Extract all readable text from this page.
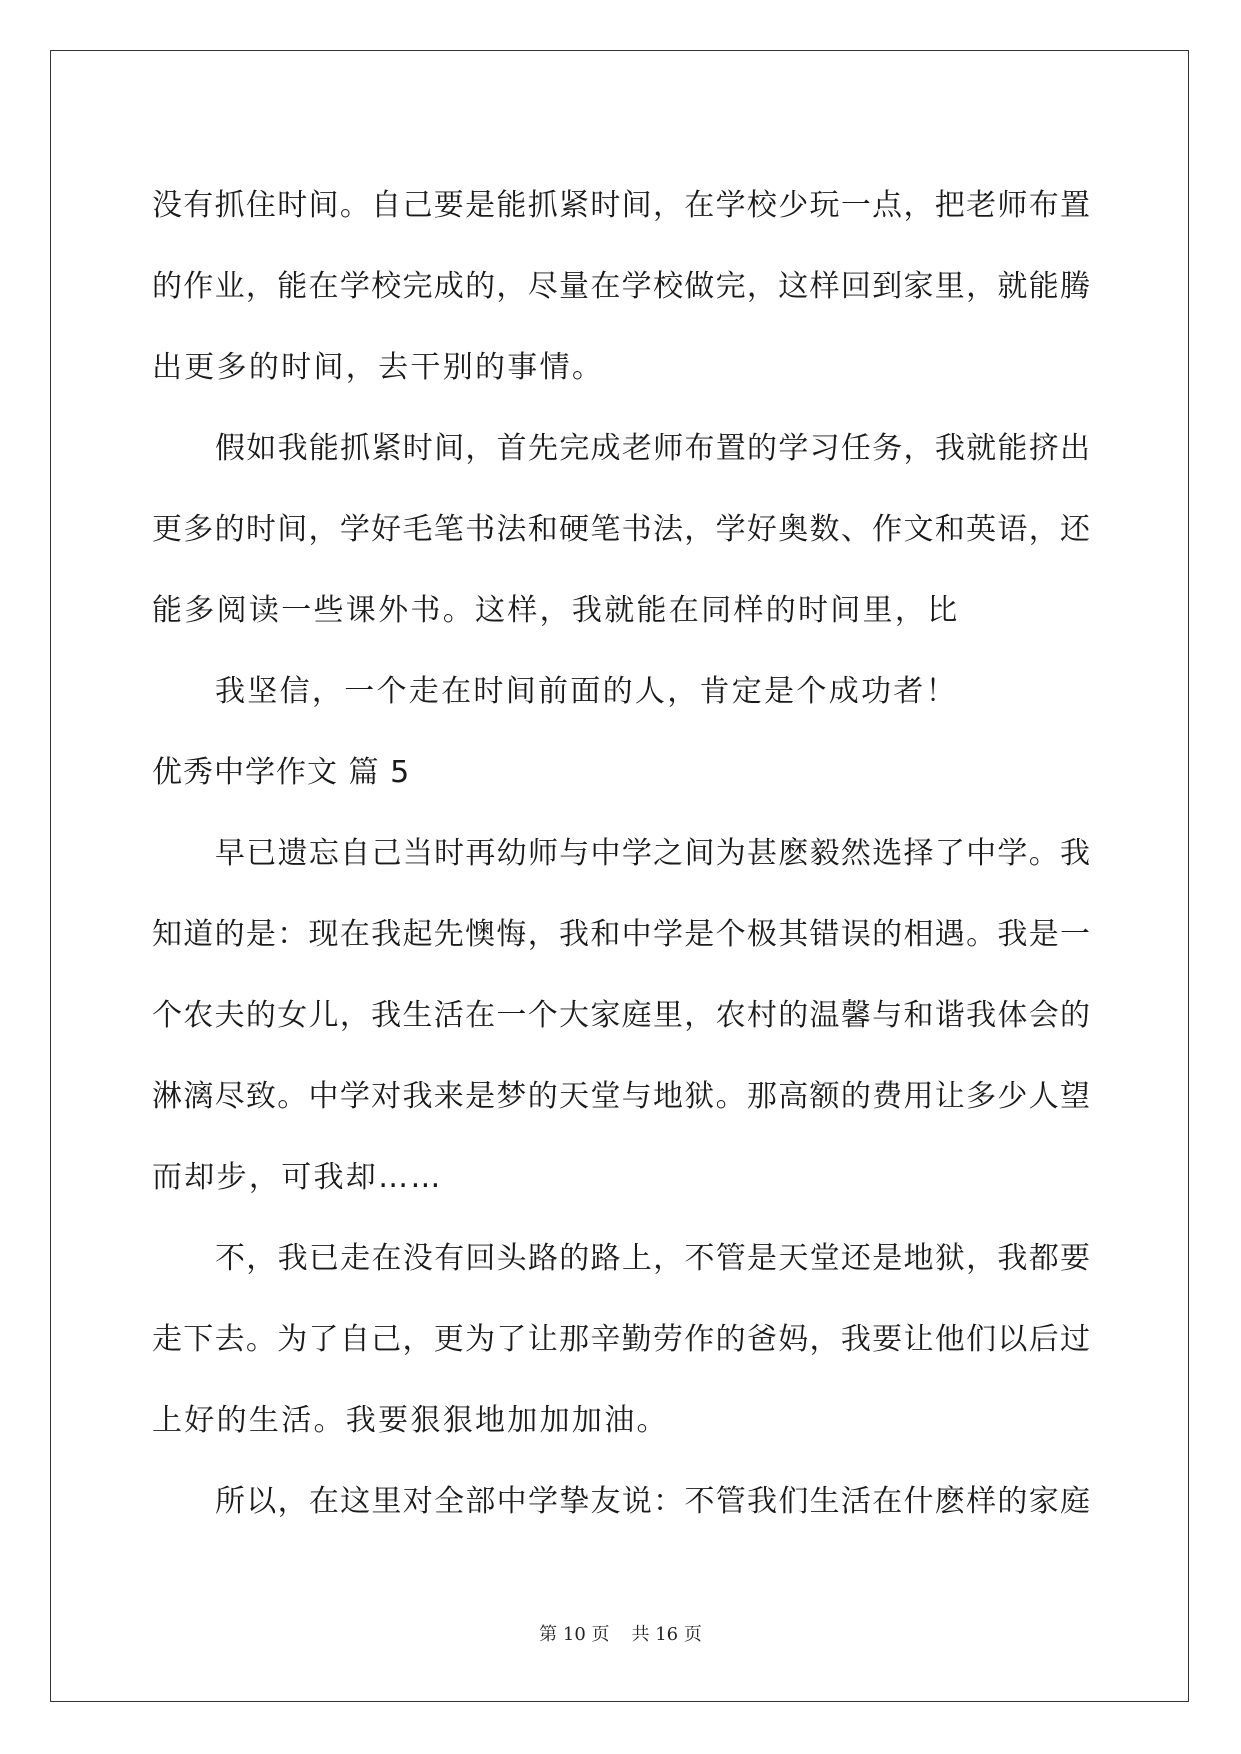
没有抓住时间。自己要是能抓紧时间，在学校少玩一点，把老师布置
的作业，能在学校完成的，尽量在学校做完，这样回到家里，就能腾
出更多的时间，去干别的事情。
假如我能抓紧时间，首先完成老师布置的学习任务，我就能挤出
更多的时间，学好毛笔书法和硬笔书法，学好奥数、作文和英语，还
能多阅读一些课外书。这样，我就能在同样的时间里，比
我坚信，一个走在时间前面的人，肯定是个成功者！
优秀中学作文 篇 5
早已遗忘自己当时再幼师与中学之间为甚麽毅然选择了中学。我
知道的是：现在我起先懊悔，我和中学是个极其错误的相遇。我是一
个农夫的女儿，我生活在一个大家庭里，农村的温馨与和谐我体会的
淋漓尽致。中学对我来是梦的天堂与地狱。那高额的费用让多少人望
而却步，可我却……
不，我已走在没有回头路的路上，不管是天堂还是地狱，我都要
走下去。为了自己，更为了让那辛勤劳作的爸妈，我要让他们以后过
上好的生活。我要狠狠地加加加油。
所以，在这里对全部中学挚友说：不管我们生活在什麽样的家庭
第 10 页 共 16 页
